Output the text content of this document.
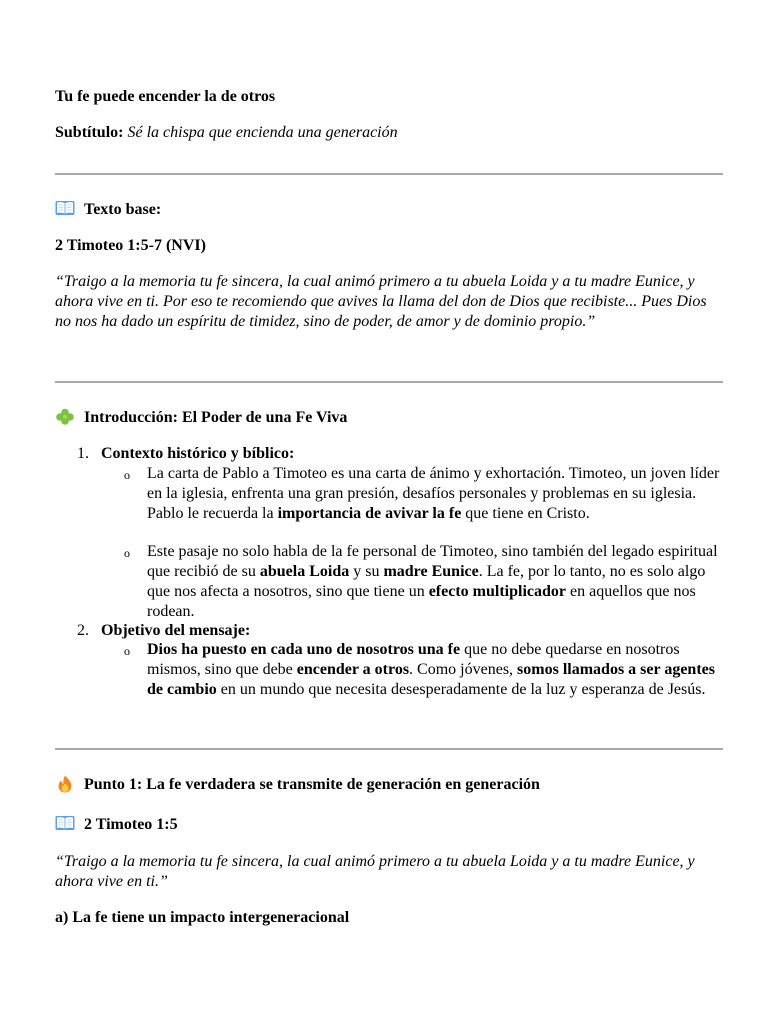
Tu fe puede encender la de otros
Subtítulo: Sé la chispa que encienda una generación
Texto base:
2 Timoteo 1:5-7 (NVI)

“Traigo a la memoria tu fe sincera, la cual animó primero a tu abuela Loida y a tu madre Eunice, y ahora vive en ti. Por eso te recomiendo que avives la llama del don de Dios que recibiste... Pues Dios no nos ha dado un espíritu de timidez, sino de poder, de amor y de dominio propio.”

Introducción: El Poder de una Fe Viva
1. Contexto histórico y bíblico:
o La carta de Pablo a Timoteo es una carta de ánimo y exhortación. Timoteo, un joven líder en la iglesia, enfrenta una gran presión, desafíos personales y problemas en su iglesia. Pablo le recuerda la importancia de avivar la fe que tiene en Cristo.

o Este pasaje no solo habla de la fe personal de Timoteo, sino también del legado espiritual que recibió de su abuela Loida y su madre Eunice. La fe, por lo tanto, no es solo algo que nos afecta a nosotros, sino que tiene un efecto multiplicador en aquellos que nos rodean.

2. Objetivo del mensaje:
o Dios ha puesto en cada uno de nosotros una fe que no debe quedarse en nosotros mismos, sino que debe encender a otros. Como jóvenes, somos llamados a ser agentes de cambio en un mundo que necesita desesperadamente de la luz y esperanza de Jesús.

Punto 1: La fe verdadera se transmite de generación en generación
2 Timoteo 1:5

“Traigo a la memoria tu fe sincera, la cual animó primero a tu abuela Loida y a tu madre Eunice, y ahora vive en ti.”

a) La fe tiene un impacto intergeneracional
